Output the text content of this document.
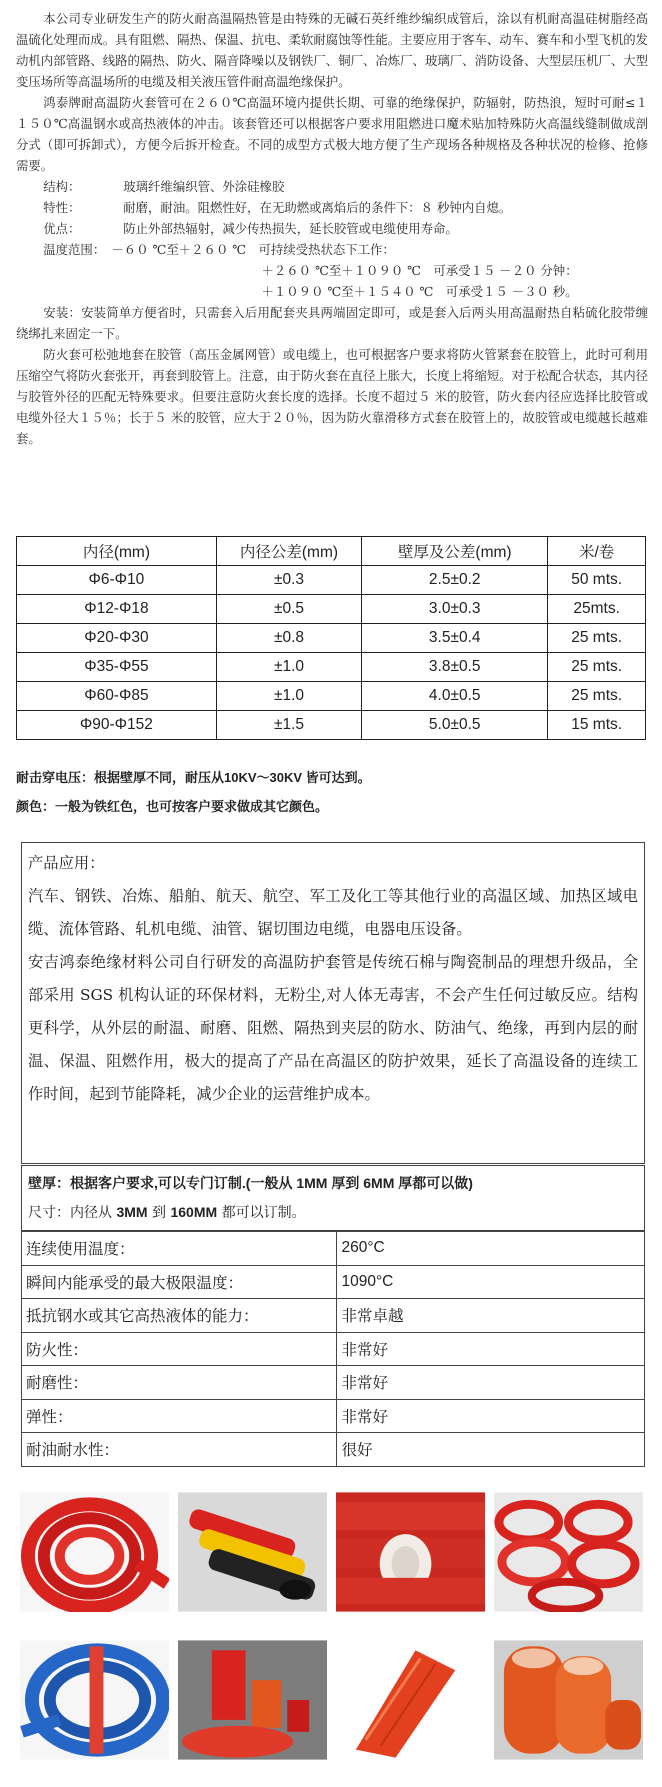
本公司专业研发生产的防火耐高温隔热管是由特殊的无碱石英纤维纱编织成管后，涂以有机耐高温硅树脂经高温硫化处理而成。具有阻燃、隔热、保温、抗电、柔软耐腐蚀等性能。主要应用于客车、动车、赛车和小型飞机的发动机内部管路、线路的隔热、防火、隔音降噪以及钢铁厂、铜厂、冶炼厂、玻璃厂、消防设备、大型层压机厂、大型变压场所等高温场所的电缆及相关液压管件耐高温绝缘保护。

鸿泰牌耐高温防火套管可在２６０℃高温环境内提供长期、可靠的绝缘保护，防辐射，防热浪，短时可耐≤１１５０℃高温钢水或高热液体的冲击。该套管还可以根据客户要求用阻燃进口魔术贴加特殊防火高温线缝制做成剖分式（即可拆卸式），方便今后拆开检查。不同的成型方式极大地方便了生产现场各种规格及各种状况的检修、抢修需要。

结构：	玻璃纤维编织管、外涂硅橡胶
特性：	耐磨，耐油。阻燃性好，在无助燃或离焰后的条件下：８ 秒钟内自熄。
优点：	防止外部热辐射，减少传热损失，延长胶管或电缆使用寿命。
温度范围：　－６０ ℃至＋２６０ ℃　可持续受热状态下工作：
＋２６０ ℃至＋１０９０ ℃　可承受１５ －２０ 分钟：
＋１０９０ ℃至＋１５４０ ℃　可承受１５ －３０ 秒。

安装：安装简单方便省时，只需套入后用配套夹具两端固定即可，或是套入后两头用高温耐热自粘硫化胶带缠绕绑扎来固定一下。

防火套可松弛地套在胶管（高压金属网管）或电缆上，也可根据客户要求将防火管紧套在胶管上，此时可利用压缩空气将防火套张开，再套到胶管上。注意，由于防火套在直径上胀大，长度上将缩短。对于松配合状态，其内径与胶管外径的匹配无特殊要求。但要注意防火套长度的选择。长度不超过５ 米的胶管，防火套内径应选择比胶管或电缆外径大１５％；长于５ 米的胶管，应大于２０％，因为防火靠滑移方式套在胶管上的，故胶管或电缆越长越难套。

内径(mm)	内径公差(mm)	壁厚及公差(mm)	米/卷
Φ6-Φ10	±0.3	2.5±0.2	50 mts.
Φ12-Φ18	±0.5	3.0±0.3	25mts.
Φ20-Φ30	±0.8	3.5±0.4	25 mts.
Φ35-Φ55	±1.0	3.8±0.5	25 mts.
Φ60-Φ85	±1.0	4.0±0.5	25 mts.
Φ90-Φ152	±1.5	5.0±0.5	15 mts.
耐击穿电压：根据壁厚不同，耐压从10KV～30KV 皆可达到。
颜色：一般为铁红色，也可按客户要求做成其它颜色。

产品应用：

汽车、钢铁、冶炼、船舶、航天、航空、军工及化工等其他行业的高温区域、加热区域电缆、流体管路、轧机电缆、油管、锯切围边电缆，电器电压设备。

安吉鸿泰绝缘材料公司自行研发的高温防护套管是传统石棉与陶瓷制品的理想升级品，全部采用 SGS 机构认证的环保材料，无粉尘,对人体无毒害，不会产生任何过敏反应。结构更科学，从外层的耐温、耐磨、阻燃、隔热到夹层的防水、防油气、绝缘，再到内层的耐温、保温、阻燃作用，极大的提高了产品在高温区的防护效果，延长了高温设备的连续工作时间，起到节能降耗，减少企业的运营维护成本。

壁厚：根据客户要求,可以专门订制.(一般从 1MM 厚到 6MM 厚都可以做)
尺寸：内径从 3MM 到 160MM 都可以订制。
连续使用温度：	260°C
瞬间内能承受的最大极限温度：	1090°C
抵抗钢水或其它高热液体的能力：	非常卓越
防火性：	非常好
耐磨性：	非常好
弹性：	非常好
耐油耐水性：	很好
